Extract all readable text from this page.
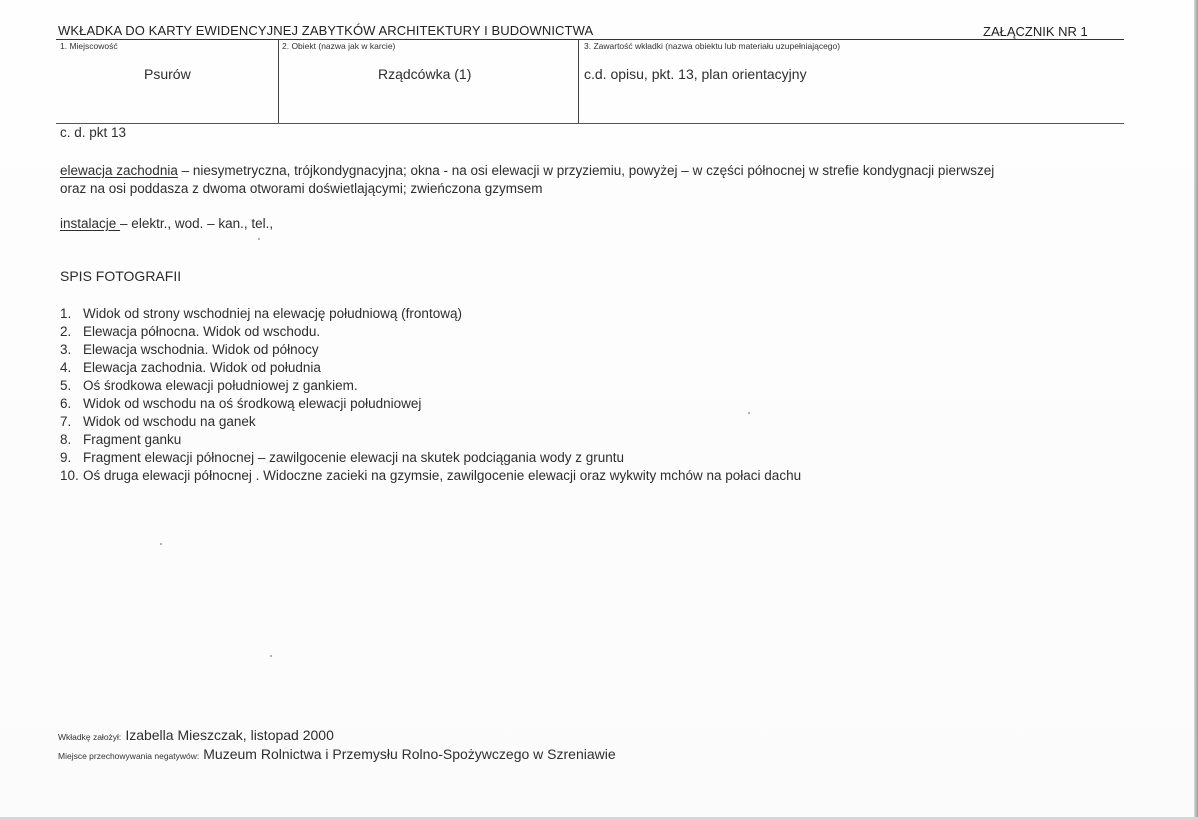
WKŁADKA DO KARTY EWIDENCYJNEJ ZABYTKÓW ARCHITEKTURY I BUDOWNICTWA	ZAŁĄCZNIK NR 1
1. Miejscowość	2. Obiekt (nazwa jak w karcie)	3. Zawartość wkładki (nazwa obiektu lub materiału uzupełniającego)
Psurów	Rządcówka (1)	c.d. opisu, pkt. 13, plan orientacyjny
c. d. pkt 13
elewacja zachodnia – niesymetryczna, trójkondygnacyjna; okna - na osi elewacji w przyziemiu, powyżej – w części północnej w strefie kondygnacji pierwszej
oraz na osi poddasza z dwoma otworami doświetlającymi; zwieńczona gzymsem
instalacje – elektr., wod. – kan., tel.,
SPIS FOTOGRAFII
1. Widok od strony wschodniej na elewację południową (frontową)
2. Elewacja północna. Widok od wschodu.
3. Elewacja wschodnia. Widok od północy
4. Elewacja zachodnia. Widok od południa
5. Oś środkowa elewacji południowej z gankiem.
6. Widok od wschodu na oś środkową elewacji południowej
7. Widok od wschodu na ganek
8. Fragment ganku
9. Fragment elewacji północnej – zawilgocenie elewacji na skutek podciągania wody z gruntu
10. Oś druga elewacji północnej . Widoczne zacieki na gzymsie, zawilgocenie elewacji oraz wykwity mchów na połaci dachu
Wkładkę założył: Izabella Mieszczak, listopad 2000
Miejsce przechowywania negatywów: Muzeum Rolnictwa i Przemysłu Rolno-Spożywczego w Szreniawie
